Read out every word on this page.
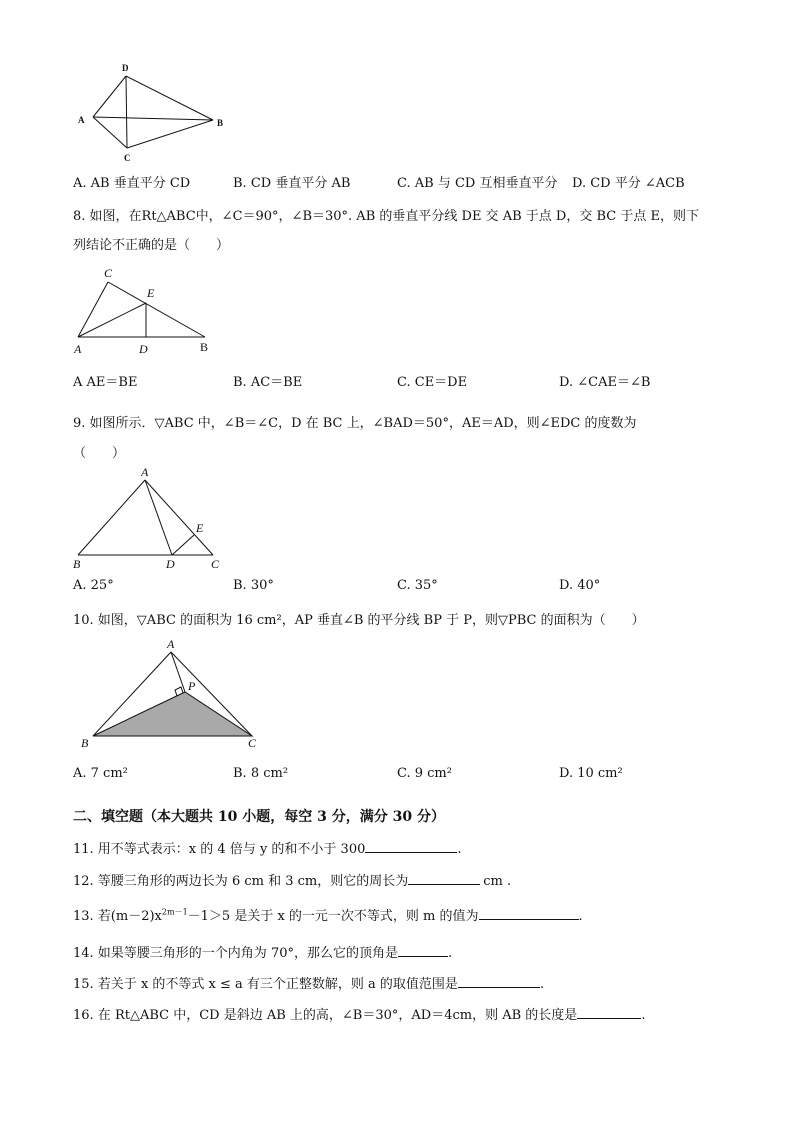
D
A	B
C
A. AB 垂直平分 CD	B. CD 垂直平分 AB	C. AB 与 CD 互相垂直平分 D. CD 平分 ∠ACB
8. 如图，在Rt△ABC中，∠C＝90°，∠B＝30°. AB 的垂直平分线 DE 交 AB 于点 D，交 BC 于点 E，则下
列结论不正确的是（　　）
C
E
A	D	B
A AE＝BE	B. AC＝BE	C. CE＝DE	D. ∠CAE＝∠B
9. 如图所示．▽ABC 中，∠B＝∠C，D 在 BC 上，∠BAD＝50°，AE＝AD，则∠EDC 的度数为
（　　）
A
E
B	D	C
A. 25°	B. 30°	C. 35°	D. 40°
10. 如图，▽ABC 的面积为 16 cm²，AP 垂直∠B 的平分线 BP 于 P，则▽PBC 的面积为（　　）
A
P
B	C
A. 7 cm²	B. 8 cm²	C. 9 cm²	D. 10 cm²
二、填空题（本大题共 10 小题，每空 3 分，满分 30 分）
11. 用不等式表示：x 的 4 倍与 y 的和不小于 300	.
12. 等腰三角形的两边长为 6 cm 和 3 cm，则它的周长为	cm .
13. 若$(m-2)x^{2m-1}-1>5$ 是关于 x 的一元一次不等式，则 m 的值为	.
14. 如果等腰三角形的一个内角为 70°，那么它的顶角是	.
15. 若关于 x 的不等式 x ≤ a 有三个正整数解，则 a 的取值范围是	.
16. 在 Rt△ABC 中，CD 是斜边 AB 上的高，∠B＝30°，AD＝4cm，则 AB 的长度是	.
